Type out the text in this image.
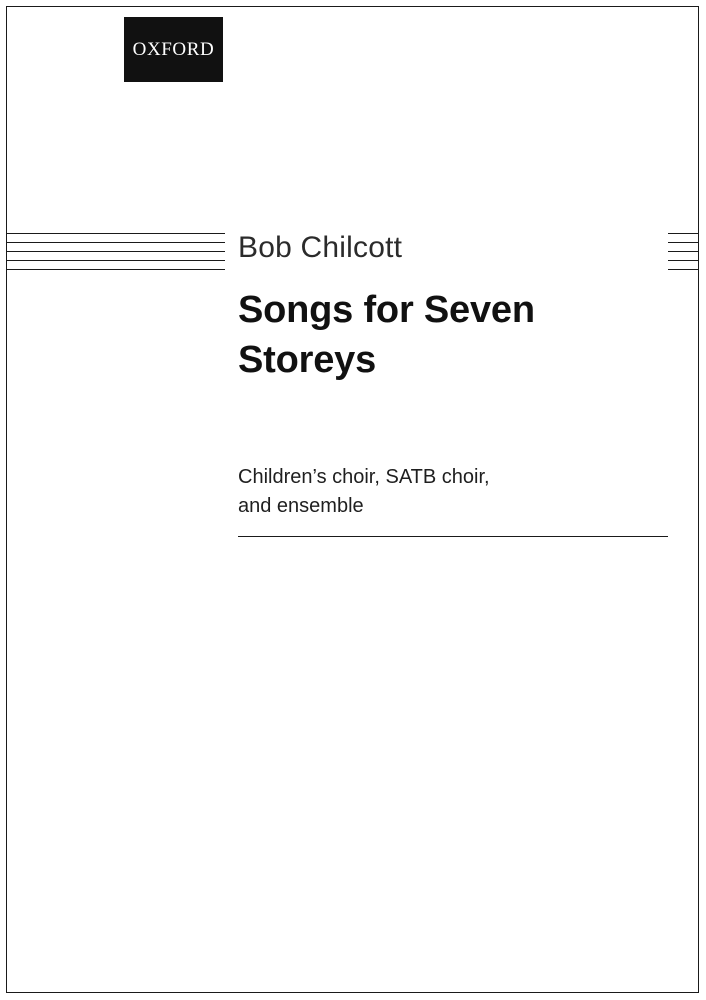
OXFORD
Bob Chilcott
Songs for Seven
Storeys
Children’s choir, SATB choir,
and ensemble
